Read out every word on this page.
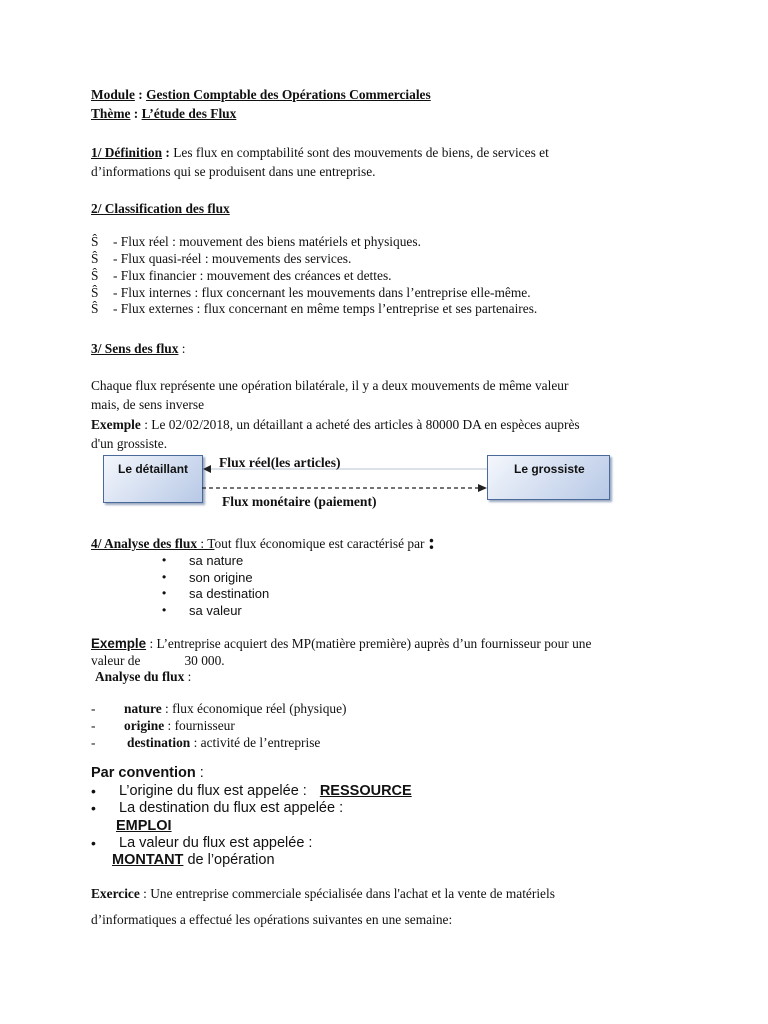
Module : Gestion Comptable des Opérations Commerciales
Thème : L’étude des Flux
1/ Définition : Les flux en comptabilité sont des mouvements de biens, de services et
d’informations qui se produisent dans une entreprise.
2/ Classification des flux
Ŝ - Flux réel : mouvement des biens matériels et physiques.
Ŝ - Flux quasi-réel : mouvements des services.
Ŝ - Flux financier : mouvement des créances et dettes.
Ŝ - Flux internes : flux concernant les mouvements dans l’entreprise elle-même.
Ŝ - Flux externes : flux concernant en même temps l’entreprise et ses partenaires.
3/ Sens des flux :
Chaque flux représente une opération bilatérale, il y a deux mouvements de même valeur
mais, de sens inverse
Exemple : Le 02/02/2018, un détaillant a acheté des articles à 80000 DA en espèces auprès
d'un grossiste.
Le détaillant	Le grossiste
Flux réel(les articles)
Flux monétaire (paiement)
4/ Analyse des flux : Tout flux économique est caractérisé par :
• sa nature
• son origine
• sa destination
• sa valeur
Exemple : L’entreprise acquiert des MP(matière première) auprès d’un fournisseur pour une
valeur de	30 000.
Analyse du flux :
- nature : flux économique réel (physique)
- origine : fournisseur
- destination : activité de l’entreprise
Par convention :
• L’origine du flux est appelée : RESSOURCE
• La destination du flux est appelée :
EMPLOI
• La valeur du flux est appelée :
MONTANT de l’opération
Exercice : Une entreprise commerciale spécialisée dans l'achat et la vente de matériels
d’informatiques a effectué les opérations suivantes en une semaine:
